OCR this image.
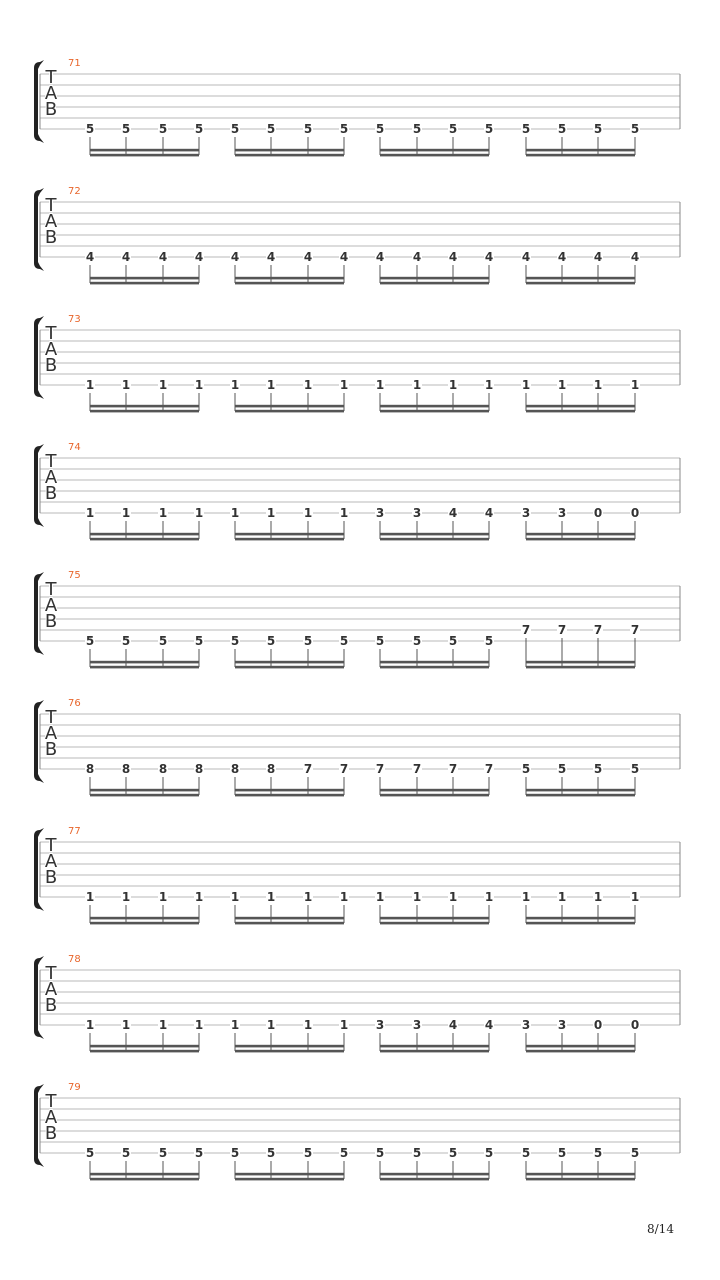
71
T
A
B
5 5 5 5 5 5 5 5 5 5 5 5 5 5 5 5
72
T
A
B
4 4 4 4 4 4 4 4 4 4 4 4 4 4 4 4
73
T
A
B
1 1 1 1 1 1 1 1 1 1 1 1 1 1 1 1
74
T
A
B
1 1 1 1 1 1 1 1 3 3 4 4 3 3 0 0
75
T
A
B
5 5 5 5 5 5 5 5 5 5 5 5
7 7 7 7
76
T
A
B
8 8 8 8 8 8 7 7 7 7 7 7 5 5 5 5
77
T
A
B
1 1 1 1 1 1 1 1 1 1 1 1 1 1 1 1
78
T
A
B
1 1 1 1 1 1 1 1 3 3 4 4 3 3 0 0
79
T
A
B
5 5 5 5 5 5 5 5 5 5 5 5 5 5 5 5
8/14
